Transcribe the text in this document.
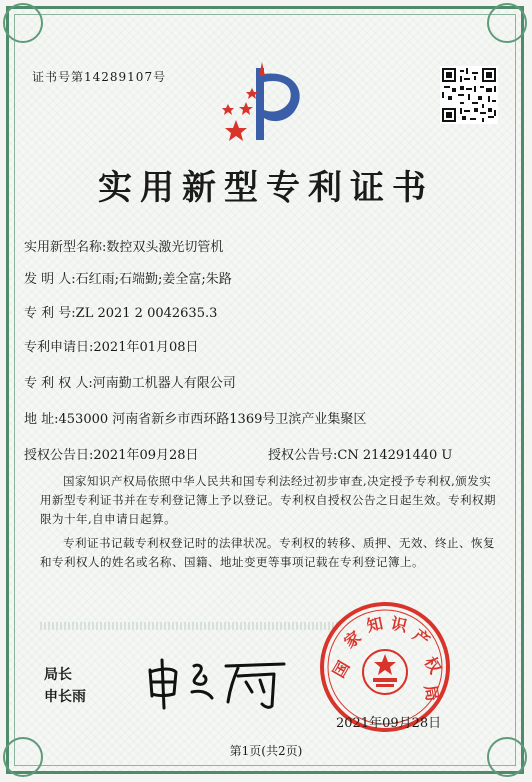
证书号第14289107号
实用新型专利证书
实用新型名称:数控双头激光切管机
发 明 人:石红雨;石端勤;姜全富;朱路
专 利 号:ZL 2021 2 0042635.3
专利申请日:2021年01月08日
专 利 权 人:河南勤工机器人有限公司
地 址:453000 河南省新乡市西环路1369号卫滨产业集聚区
授权公告日:2021年09月28日	授权公告号:CN 214291440 U
国家知识产权局依照中华人民共和国专利法经过初步审查,决定授予专利权,颁发实用新型专利证书并在专利登记簿上予以登记。专利权自授权公告之日起生效。专利权期限为十年,自申请日起算。
专利证书记载专利权登记时的法律状况。专利权的转移、质押、无效、终止、恢复和专利权人的姓名或名称、国籍、地址变更等事项记载在专利登记簿上。
局长
申长雨
国
家
知 识
产
权
局
2021年09月28日
第1页(共2页)
